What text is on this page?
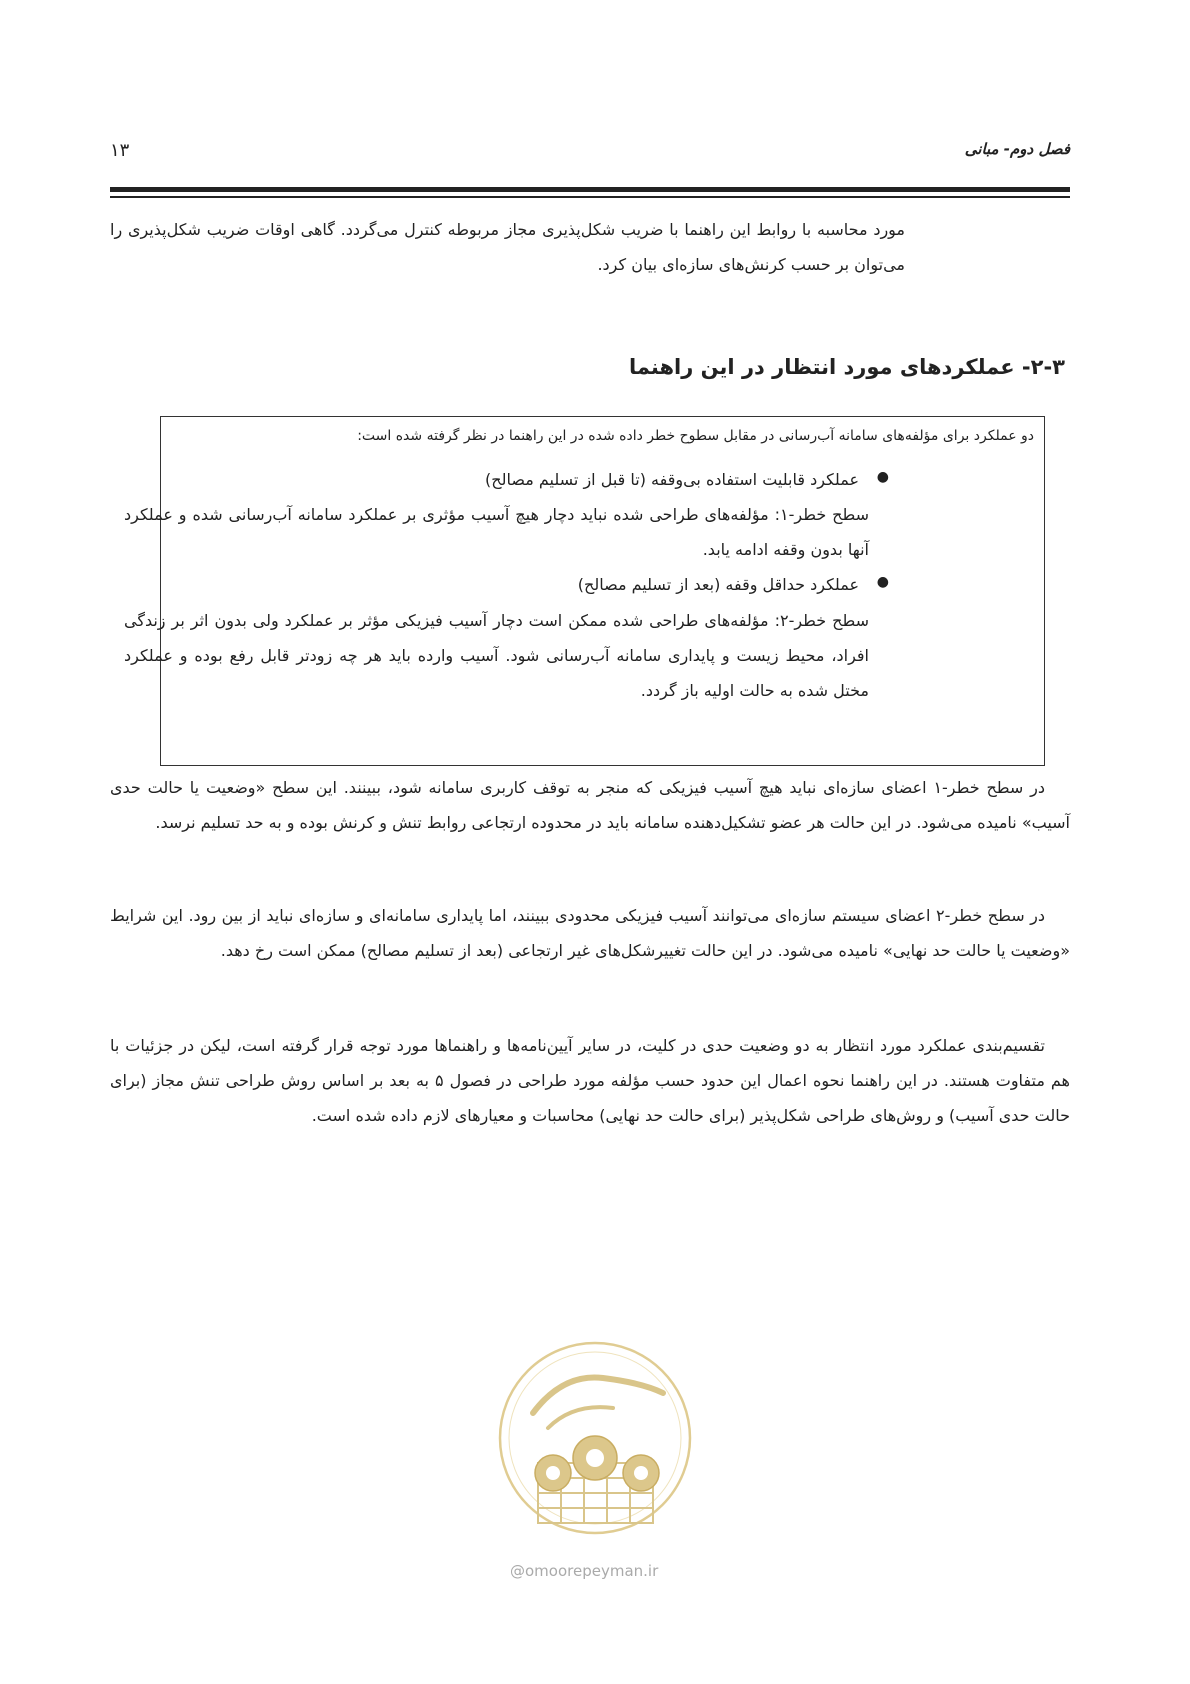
فصل دوم- مبانی
۱۳

مورد محاسبه با روابط این راهنما با ضریب شکل‌پذیری مجاز مربوطه کنترل می‌گردد. گاهی اوقات ضریب شکل‌پذیری را می‌توان بر حسب کرنش‌های سازه‌ای بیان کرد.

۲-۳- عملکردهای مورد انتظار در این راهنما

دو عملکرد برای مؤلفه‌های سامانه آب‌رسانی در مقابل سطوح خطر داده شده در این راهنما در نظر گرفته شده است:

●

عملکرد قابلیت استفاده بی‌وقفه (تا قبل از تسلیم مصالح)

سطح خطر-۱: مؤلفه‌های طراحی شده نباید دچار هیچ آسیب مؤثری بر عملکرد سامانه آب‌رسانی شده و عملکرد آنها بدون وقفه ادامه یابد.

●

عملکرد حداقل وقفه (بعد از تسلیم مصالح)

سطح خطر-۲: مؤلفه‌های طراحی شده ممکن است دچار آسیب فیزیکی مؤثر بر عملکرد ولی بدون اثر بر زندگی افراد، محیط زیست و پایداری سامانه آب‌رسانی شود. آسیب وارده باید هر چه زودتر قابل رفع بوده و عملکرد مختل شده به حالت اولیه باز گردد.

در سطح خطر-۱ اعضای سازه‌ای نباید هیچ آسیب فیزیکی که منجر به توقف کاربری سامانه شود، ببینند. این سطح «وضعیت یا حالت حدی آسیب» نامیده می‌شود. در این حالت هر عضو تشکیل‌دهنده سامانه باید در محدوده ارتجاعی روابط تنش و کرنش بوده و به حد تسلیم نرسد.

در سطح خطر-۲ اعضای سیستم سازه‌ای می‌توانند آسیب فیزیکی محدودی ببینند، اما پایداری سامانه‌ای و سازه‌ای نباید از بین رود. این شرایط «وضعیت یا حالت حد نهایی» نامیده می‌شود. در این حالت تغییرشکل‌های غیر ارتجاعی (بعد از تسلیم مصالح) ممکن است رخ دهد.

تقسیم‌بندی عملکرد مورد انتظار به دو وضعیت حدی در کلیت، در سایر آیین‌نامه‌ها و راهنماها مورد توجه قرار گرفته است، لیکن در جزئیات با هم متفاوت هستند. در این راهنما نحوه اعمال این حدود حسب مؤلفه مورد طراحی در فصول ۵ به بعد بر اساس روش طراحی تنش مجاز (برای حالت حدی آسیب) و روش‌های طراحی شکل‌پذیر (برای حالت حد نهایی) محاسبات و معیارهای لازم داده شده است.

@omoorepeyman.ir
